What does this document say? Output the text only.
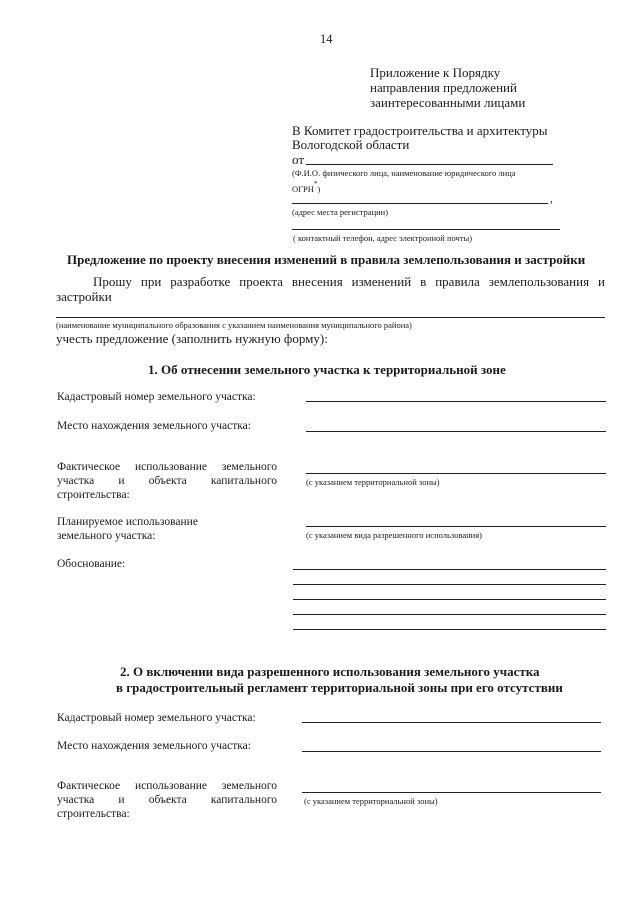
14
Приложение к Порядку
направления предложений
заинтересованными лицами
В Комитет градостроительства и архитектуры
Вологодской области
от
(Ф.И.О. физического лица, наименование юридического лица
ОГРН*)
,
(адрес места регистрации)
( контактный телефон, адрес электронной почты)
Предложение по проекту внесения изменений в правила землепользования и застройки
Прошу при разработке проекта внесения изменений в правила землепользования и
застройки
(наименование муниципального образования с указанием наименования муниципального района)
учесть предложение (заполнить нужную форму):
1. Об отнесении земельного участка к территориальной зоне
Кадастровый номер земельного участка:
Место нахождения земельного участка:
Фактическое использование земельного
участка и объекта капитального
строительства:
(с указанием территориальной зоны)
Планируемое использование
земельного участка:	(с указанием вида разрешенного использования)
Обоснование:
2. О включении вида разрешенного использования земельного участка
в градостроительный регламент территориальной зоны при его отсутствии
Кадастровый номер земельного участка:
Место нахождения земельного участка:
Фактическое использование земельного
участка и объекта капитального
строительства:
(с указанием территориальной зоны)
